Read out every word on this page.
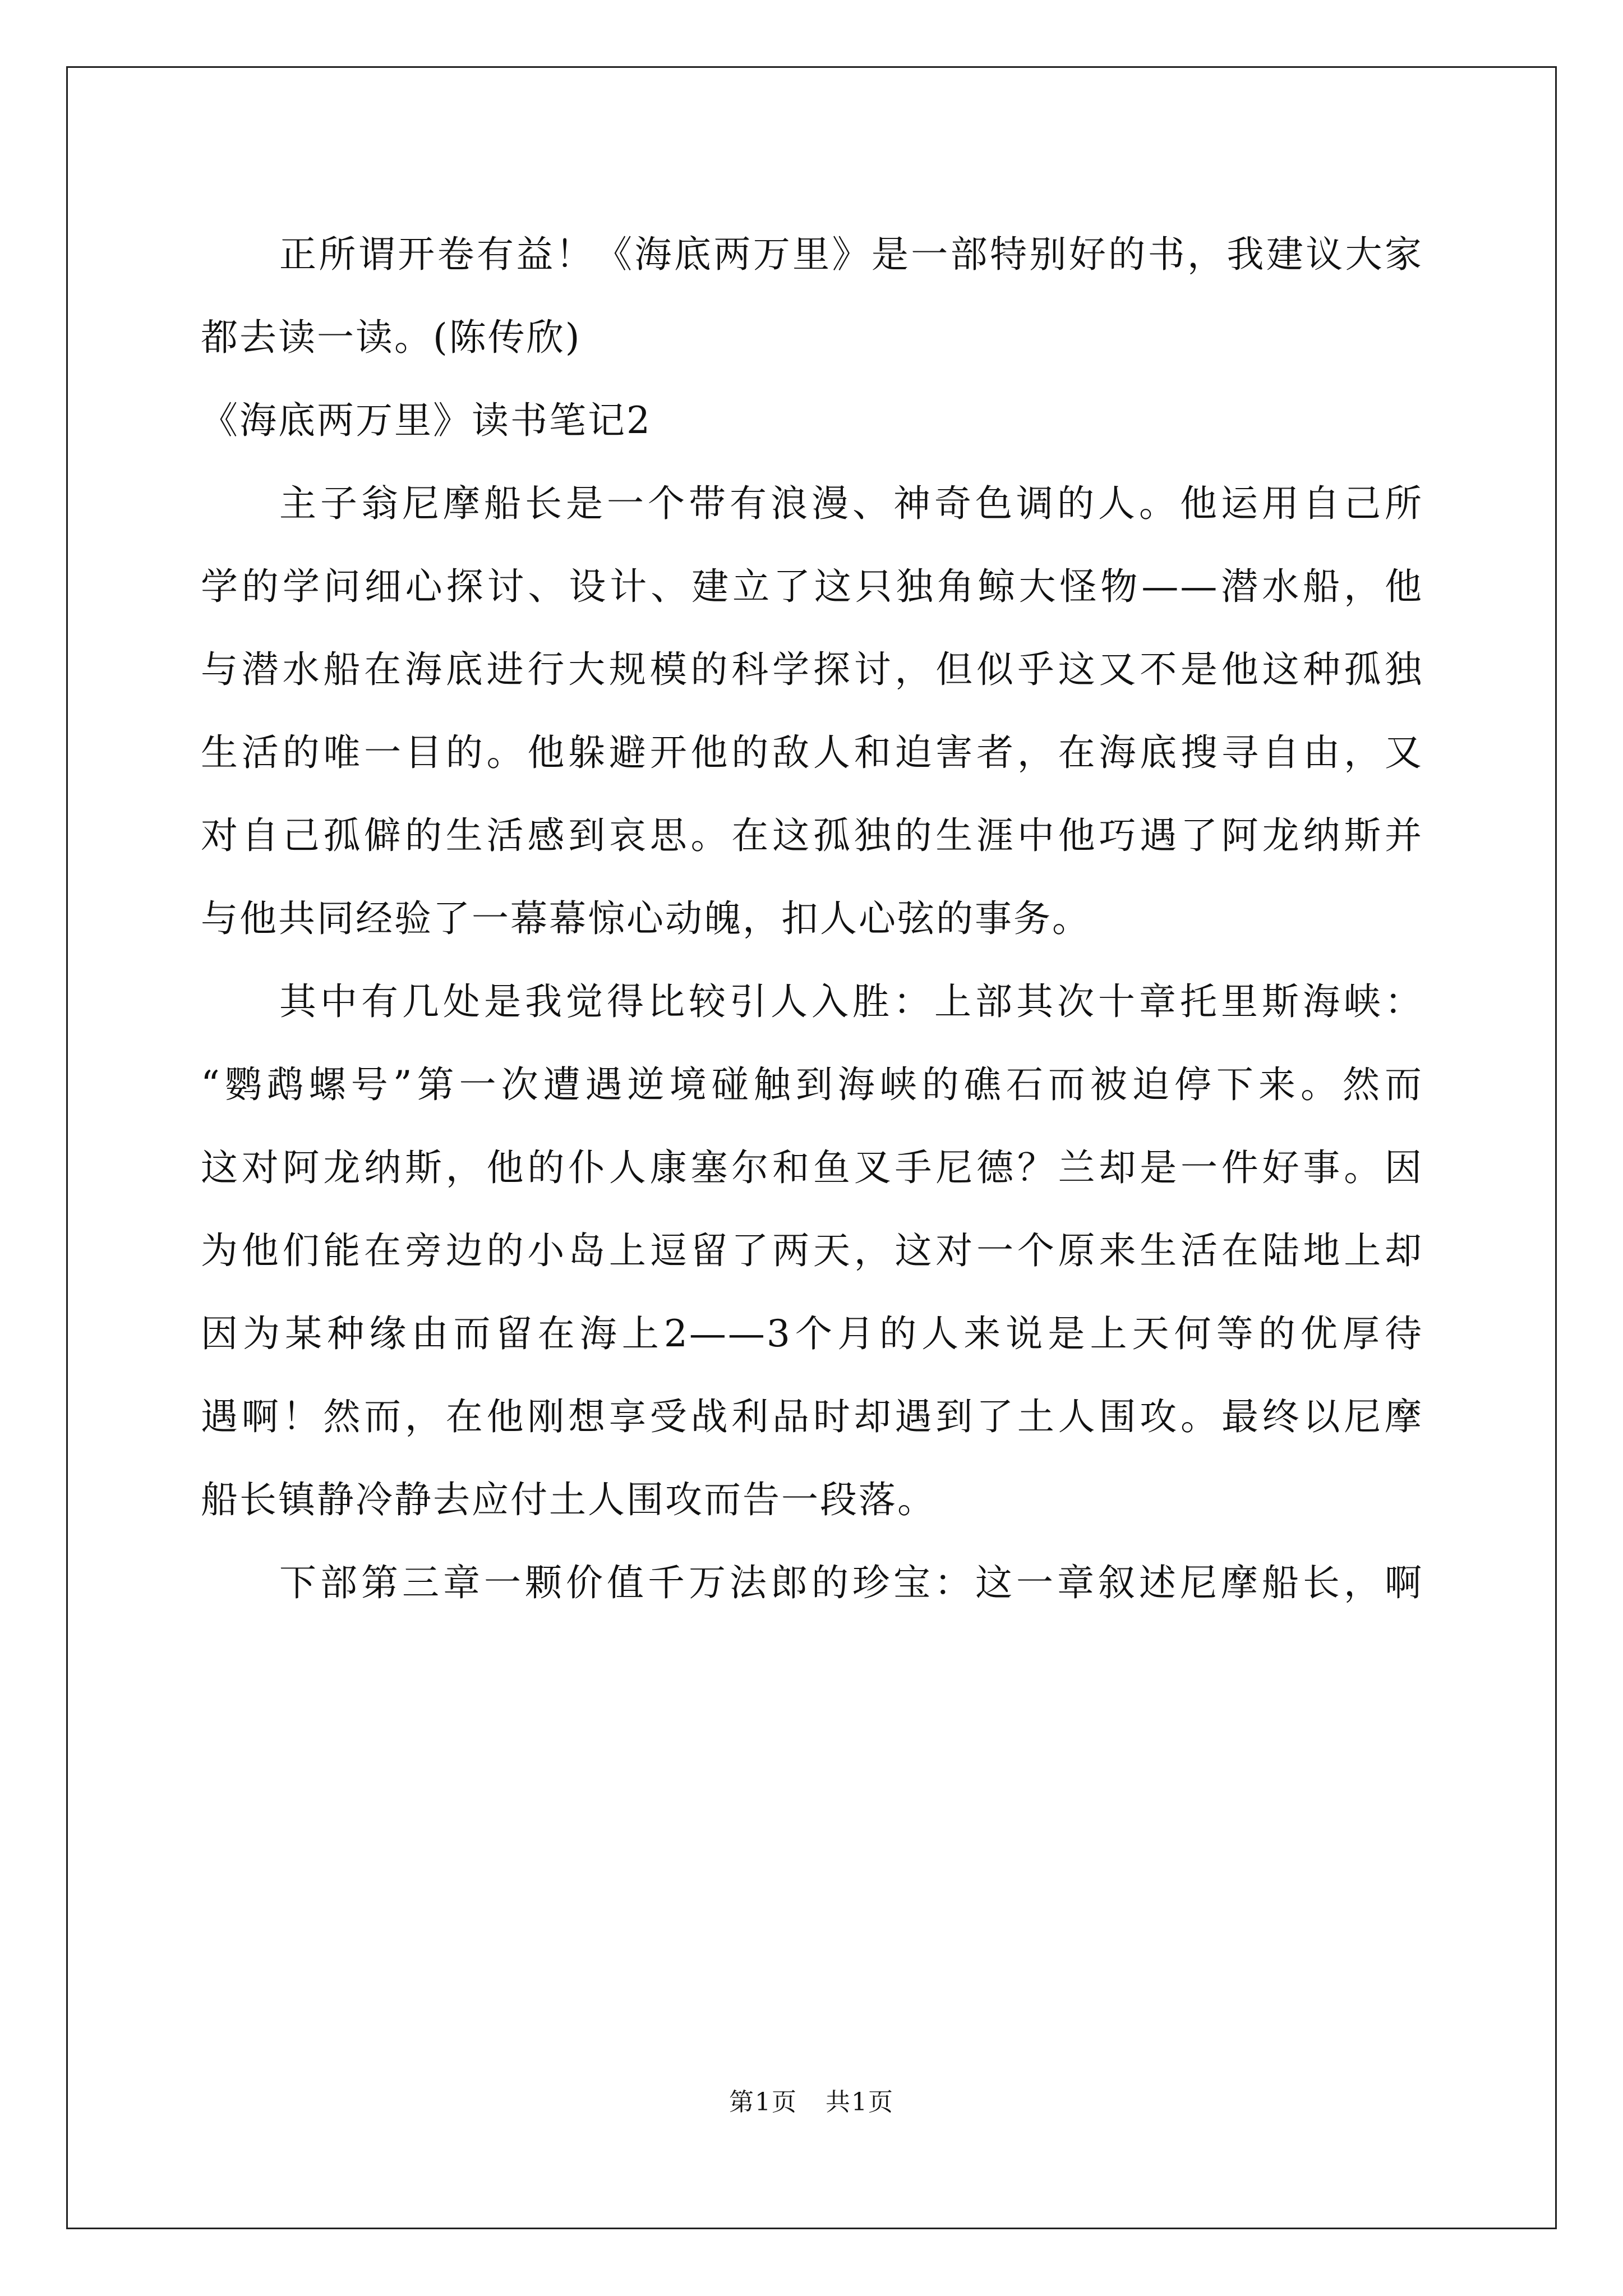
正所谓开卷有益！《海底两万里》是一部特别好的书，我建议大家
都去读一读。(陈传欣)
《海底两万里》读书笔记2
主子翁尼摩船长是一个带有浪漫、神奇色调的人。他运用自己所
学的学问细心探讨、设计、建立了这只独角鲸大怪物——潜水船，他
与潜水船在海底进行大规模的科学探讨，但似乎这又不是他这种孤独
生活的唯一目的。他躲避开他的敌人和迫害者，在海底搜寻自由，又
对自己孤僻的生活感到哀思。在这孤独的生涯中他巧遇了阿龙纳斯并
与他共同经验了一幕幕惊心动魄，扣人心弦的事务。
其中有几处是我觉得比较引人入胜：上部其次十章托里斯海峡：
“鹦鹉螺号”第一次遭遇逆境碰触到海峡的礁石而被迫停下来。然而
这对阿龙纳斯，他的仆人康塞尔和鱼叉手尼德？兰却是一件好事。因
为他们能在旁边的小岛上逗留了两天，这对一个原来生活在陆地上却
因为某种缘由而留在海上2——3个月的人来说是上天何等的优厚待
遇啊！然而，在他刚想享受战利品时却遇到了土人围攻。最终以尼摩
船长镇静冷静去应付土人围攻而告一段落。
下部第三章一颗价值千万法郎的珍宝：这一章叙述尼摩船长，啊
第1页 共1页
